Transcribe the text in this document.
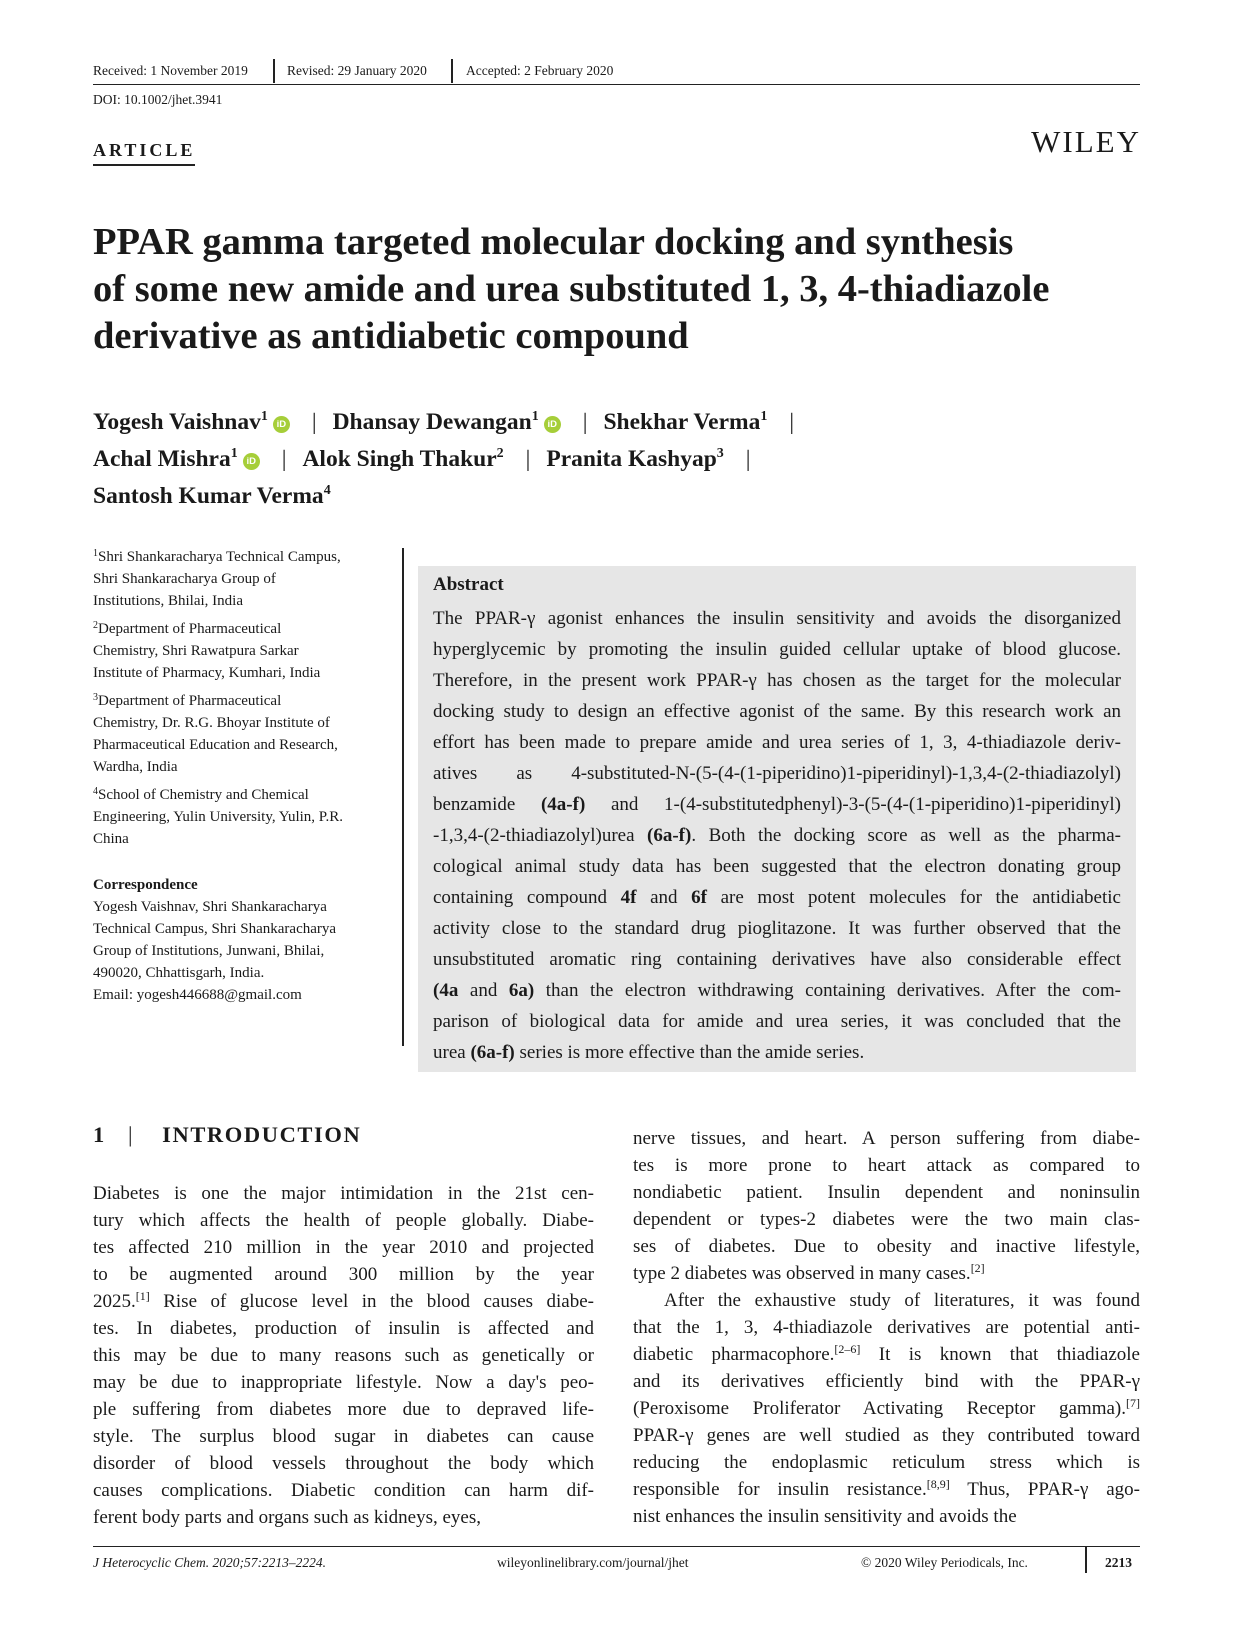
Received: 1 November 2019	Revised: 29 January 2020	Accepted: 2 February 2020
DOI: 10.1002/jhet.3941
ARTICLE	WILEY
PPAR gamma targeted molecular docking and synthesis
of some new amide and urea substituted 1, 3, 4-thiadiazole
derivative as antidiabetic compound
Yogesh Vaishnav$^1$iD | Dhansay Dewangan$^1$iD | Shekhar Verma$^1$ |
Achal Mishra$^1$iD | Alok Singh Thakur$^2$ | Pranita Kashyap$^3$ |
Santosh Kumar Verma$^4$
$^1$Shri Shankaracharya Technical Campus,
Shri Shankaracharya Group of
Institutions, Bhilai, India
$^2$Department of Pharmaceutical
Chemistry, Shri Rawatpura Sarkar
Institute of Pharmacy, Kumhari, India
$^3$Department of Pharmaceutical
Chemistry, Dr. R.G. Bhoyar Institute of
Pharmaceutical Education and Research,
Wardha, India
$^4$School of Chemistry and Chemical
Engineering, Yulin University, Yulin, P.R.
China
Correspondence
Yogesh Vaishnav, Shri Shankaracharya
Technical Campus, Shri Shankaracharya
Group of Institutions, Junwani, Bhilai,
490020, Chhattisgarh, India.
Email: yogesh446688@gmail.com
Abstract
The PPAR-γ agonist enhances the insulin sensitivity and avoids the disorganized
hyperglycemic by promoting the insulin guided cellular uptake of blood glucose.
Therefore, in the present work PPAR-γ has chosen as the target for the molecular
docking study to design an effective agonist of the same. By this research work an
effort has been made to prepare amide and urea series of 1, 3, 4-thiadiazole deriv-
atives as 4-substituted-N-(5-(4-(1-piperidino)1-piperidinyl)-1,3,4-(2-thiadiazolyl)
benzamide (4a-f) and 1-(4-substitutedphenyl)-3-(5-(4-(1-piperidino)1-piperidinyl)
-1,3,4-(2-thiadiazolyl)urea (6a-f). Both the docking score as well as the pharma-
cological animal study data has been suggested that the electron donating group
containing compound 4f and 6f are most potent molecules for the antidiabetic
activity close to the standard drug pioglitazone. It was further observed that the
unsubstituted aromatic ring containing derivatives have also considerable effect
(4a and 6a) than the electron withdrawing containing derivatives. After the com-
parison of biological data for amide and urea series, it was concluded that the
urea (6a-f) series is more effective than the amide series.
1 | INTRODUCTION
Diabetes is one the major intimidation in the 21st cen-
tury which affects the health of people globally. Diabe-
tes affected 210 million in the year 2010 and projected
to be augmented around 300 million by the year
2025.[1] Rise of glucose level in the blood causes diabe-
tes. In diabetes, production of insulin is affected and
this may be due to many reasons such as genetically or
may be due to inappropriate lifestyle. Now a day's peo-
ple suffering from diabetes more due to depraved life-
style. The surplus blood sugar in diabetes can cause
disorder of blood vessels throughout the body which
causes complications. Diabetic condition can harm dif-
ferent body parts and organs such as kidneys, eyes,
nerve tissues, and heart. A person suffering from diabe-
tes is more prone to heart attack as compared to
nondiabetic patient. Insulin dependent and noninsulin
dependent or types-2 diabetes were the two main clas-
ses of diabetes. Due to obesity and inactive lifestyle,
type 2 diabetes was observed in many cases.[2]
After the exhaustive study of literatures, it was found
that the 1, 3, 4-thiadiazole derivatives are potential anti-
diabetic pharmacophore.[2–6] It is known that thiadiazole
and its derivatives efficiently bind with the PPAR-γ
(Peroxisome Proliferator Activating Receptor gamma).[7]
PPAR-γ genes are well studied as they contributed toward
reducing the endoplasmic reticulum stress which is
responsible for insulin resistance.[8,9] Thus, PPAR-γ ago-
nist enhances the insulin sensitivity and avoids the
J Heterocyclic Chem. 2020;57:2213–2224.	wileyonlinelibrary.com/journal/jhet	© 2020 Wiley Periodicals, Inc.	2213
